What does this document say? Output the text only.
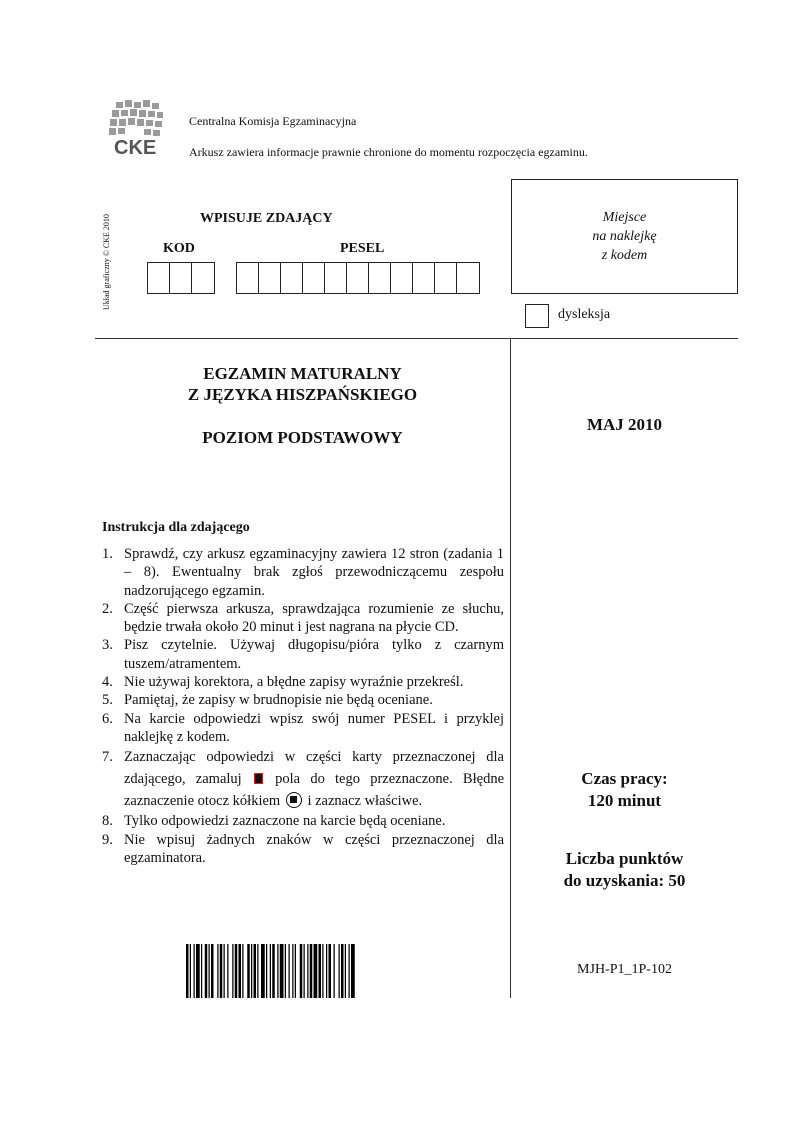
CKE
Centralna Komisja Egzaminacyjna
Arkusz zawiera informacje prawnie chronione do momentu rozpoczęcia egzaminu.
Układ graficzny © CKE 2010	WPISUJE ZDAJĄCY
KOD	PESEL
Miejsce
na naklejkę
z kodem
dysleksja
EGZAMIN MATURALNY
Z JĘZYKA HISZPAŃSKIEGO
POZIOM PODSTAWOWY
MAJ 2010
Czas pracy:
120 minut
Liczba punktów
do uzyskania: 50
MJH-P1_1P-102
Instrukcja dla zdającego
1. Sprawdź, czy arkusz egzaminacyjny zawiera 12 stron (zadania 1 – 8). Ewentualny brak zgłoś przewodniczącemu zespołu nadzorującego egzamin.
2. Część pierwsza arkusza, sprawdzająca rozumienie ze słuchu, będzie trwała około 20 minut i jest nagrana na płycie CD.
3. Pisz czytelnie. Używaj długopisu/pióra tylko z czarnym tuszem/atramentem.
4. Nie używaj korektora, a błędne zapisy wyraźnie przekreśl.
5. Pamiętaj, że zapisy w brudnopisie nie będą oceniane.
6. Na karcie odpowiedzi wpisz swój numer PESEL i przyklej naklejkę z kodem.
7. Zaznaczając odpowiedzi w części karty przeznaczonej dla zdającego, zamaluj pola do tego przeznaczone. Błędne zaznaczenie otocz kółkiem i zaznacz właściwe.
8. Tylko odpowiedzi zaznaczone na karcie będą oceniane.
9. Nie wpisuj żadnych znaków w części przeznaczonej dla egzaminatora.
